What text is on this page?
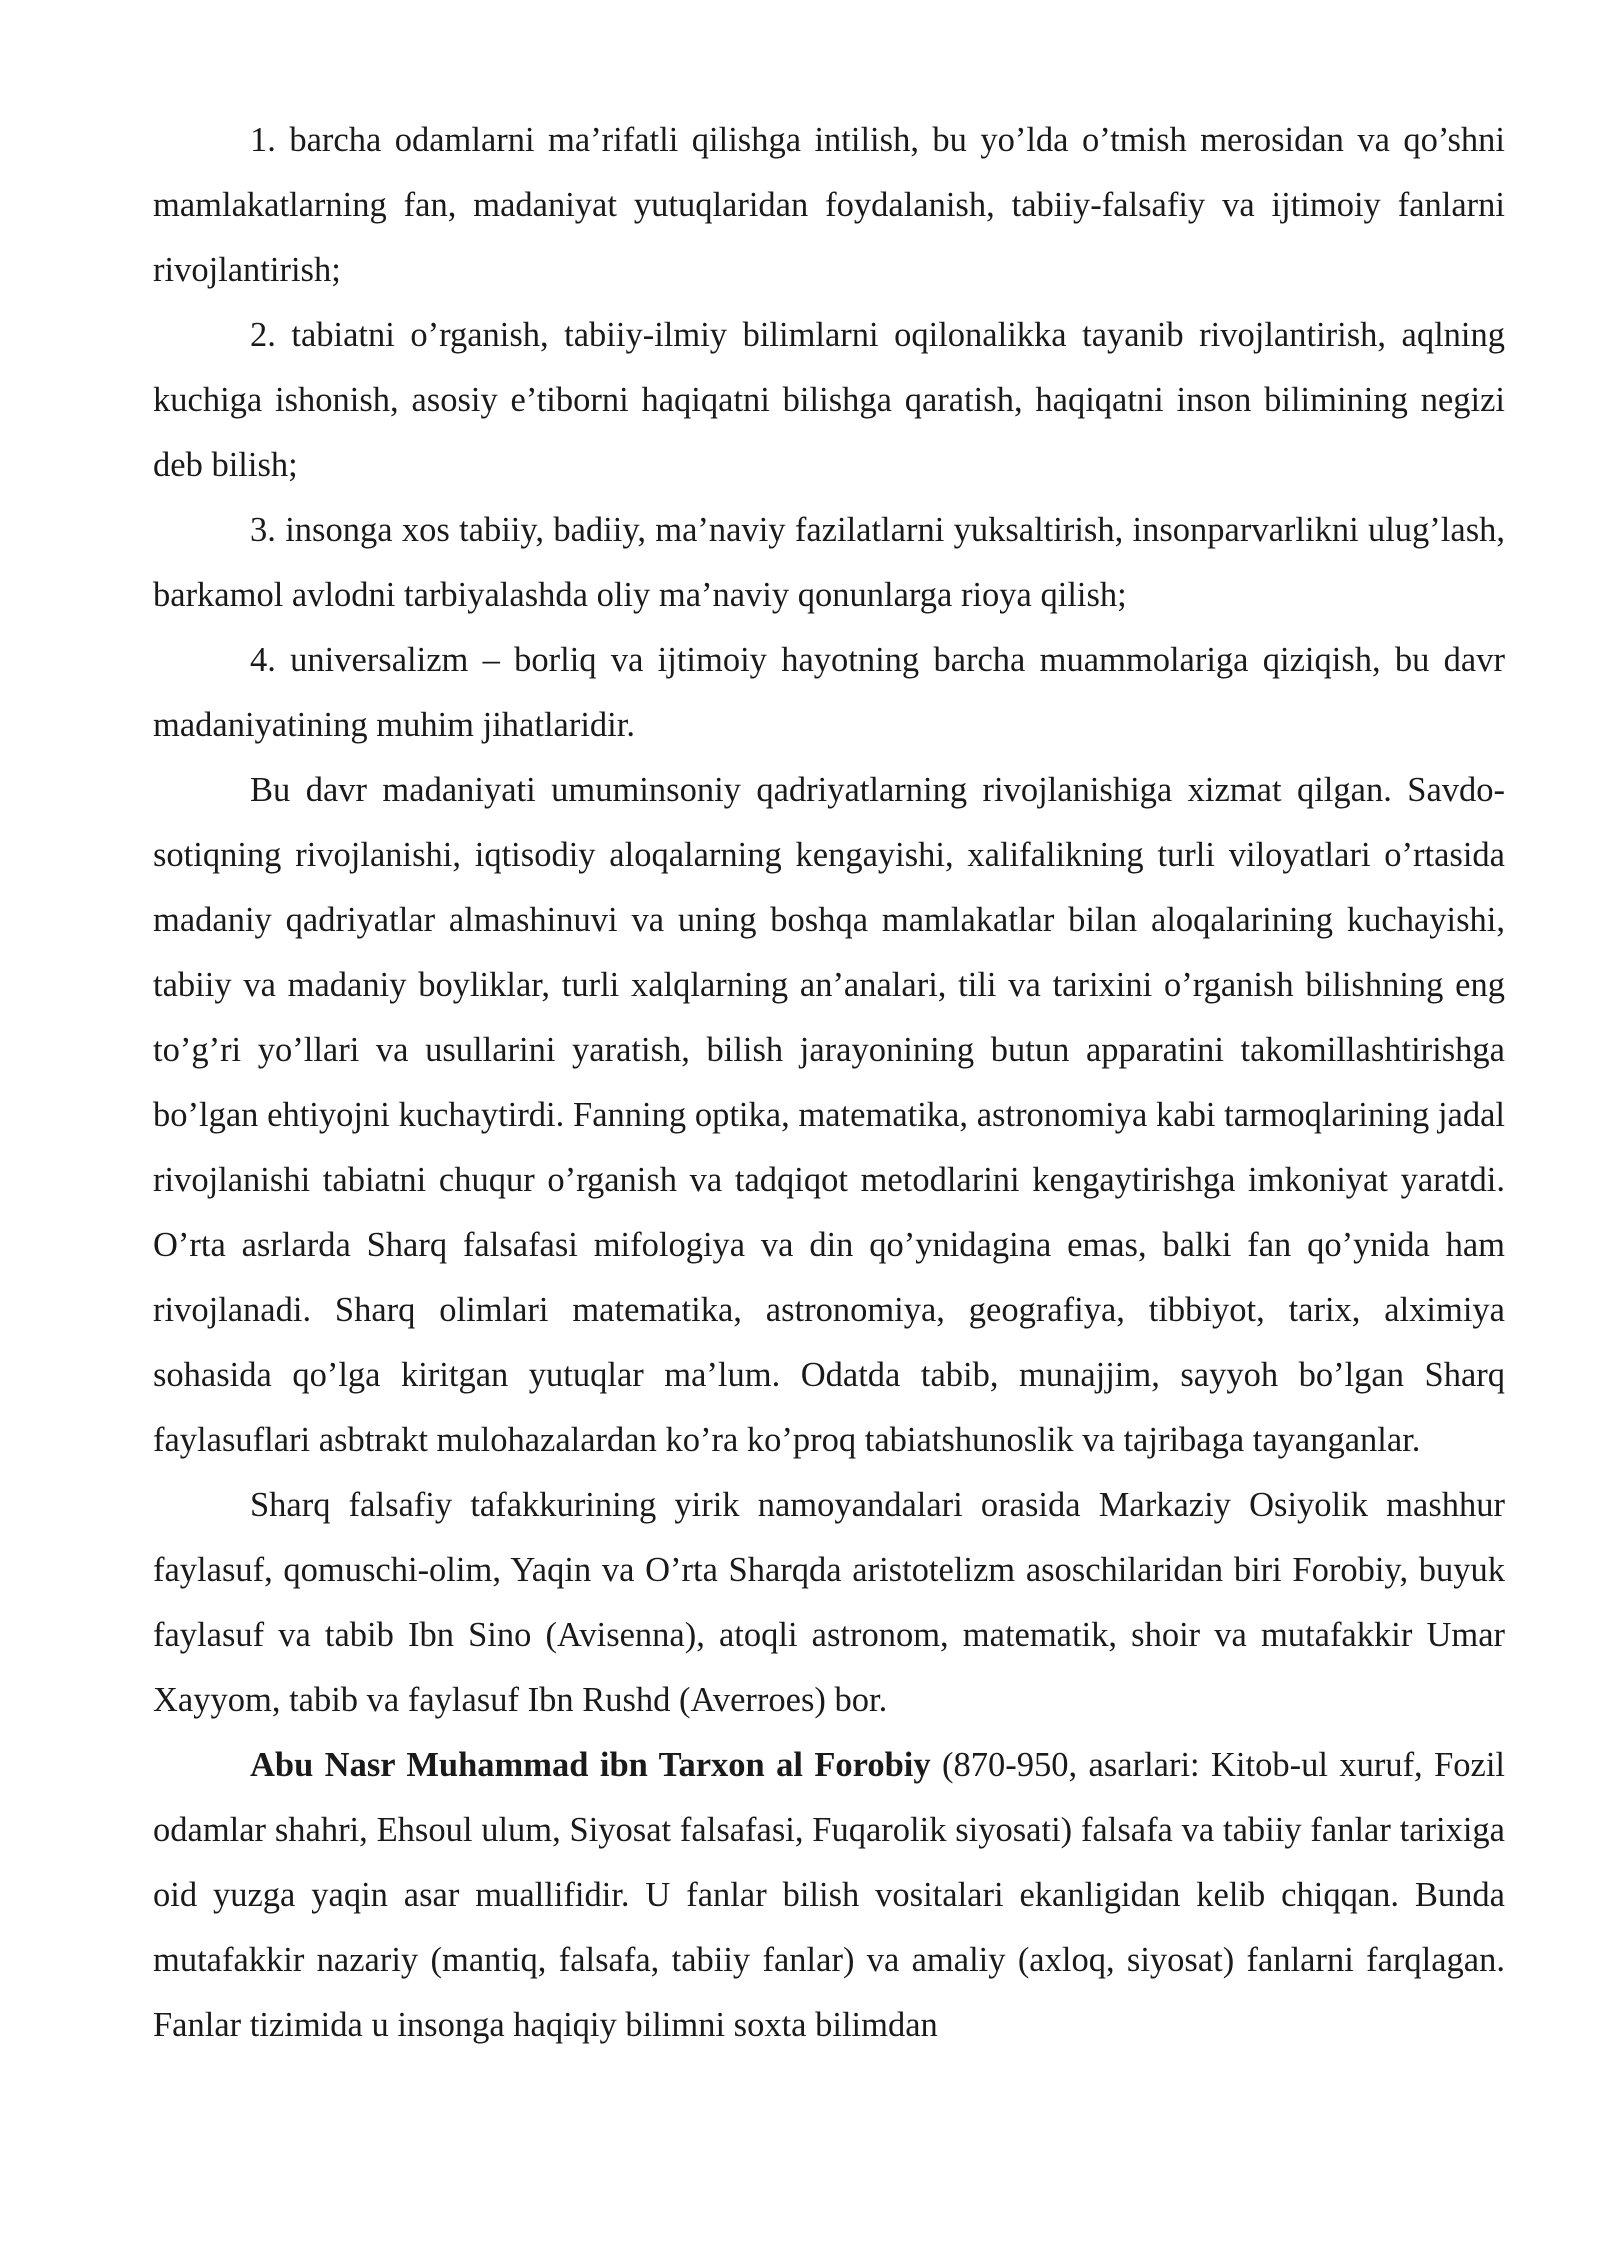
1. barcha odamlarni ma’rifatli qilishga intilish, bu yo’lda o’tmish merosidan va qo’shni mamlakatlarning fan, madaniyat yutuqlaridan foydalanish, tabiiy-falsafiy va ijtimoiy fanlarni rivojlantirish;

2. tabiatni o’rganish, tabiiy-ilmiy bilimlarni oqilonalikka tayanib rivojlantirish, aqlning kuchiga ishonish, asosiy e’tiborni haqiqatni bilishga qaratish, haqiqatni inson bilimining negizi deb bilish;

3. insonga xos tabiiy, badiiy, ma’naviy fazilatlarni yuksaltirish, insonparvarlikni ulug’lash, barkamol avlodni tarbiyalashda oliy ma’naviy qonunlarga rioya qilish;

4. universalizm – borliq va ijtimoiy hayotning barcha muammolariga qiziqish, bu davr madaniyatining muhim jihatlaridir.

Bu davr madaniyati umuminsoniy qadriyatlarning rivojlanishiga xizmat qilgan. Savdo-sotiqning rivojlanishi, iqtisodiy aloqalarning kengayishi, xalifalikning turli viloyatlari o’rtasida madaniy qadriyatlar almashinuvi va uning boshqa mamlakatlar bilan aloqalarining kuchayishi, tabiiy va madaniy boyliklar, turli xalqlarning an’analari, tili va tarixini o’rganish bilishning eng to’g’ri yo’llari va usullarini yaratish, bilish jarayonining butun apparatini takomillashtirishga bo’lgan ehtiyojni kuchaytirdi. Fanning optika, matematika, astronomiya kabi tarmoqlarining jadal rivojlanishi tabiatni chuqur o’rganish va tadqiqot metodlarini kengaytirishga imkoniyat yaratdi. O’rta asrlarda Sharq falsafasi mifologiya va din qo’ynidagina emas, balki fan qo’ynida ham rivojlanadi. Sharq olimlari matematika, astronomiya, geografiya, tibbiyot, tarix, alximiya sohasida qo’lga kiritgan yutuqlar ma’lum. Odatda tabib, munajjim, sayyoh bo’lgan Sharq faylasuflari asbtrakt mulohazalardan ko’ra ko’proq tabiatshunoslik va tajribaga tayanganlar.

Sharq falsafiy tafakkurining yirik namoyandalari orasida Markaziy Osiyolik mashhur faylasuf, qomuschi-olim, Yaqin va O’rta Sharqda aristotelizm asoschilaridan biri Forobiy, buyuk faylasuf va tabib Ibn Sino (Avisenna), atoqli astronom, matematik, shoir va mutafakkir Umar Xayyom, tabib va faylasuf Ibn Rushd (Averroes) bor.

Abu Nasr Muhammad ibn Tarxon al Forobiy (870-950, asarlari: Kitob-ul xuruf, Fozil odamlar shahri, Ehsoul ulum, Siyosat falsafasi, Fuqarolik siyosati) falsafa va tabiiy fanlar tarixiga oid yuzga yaqin asar muallifidir. U fanlar bilish vositalari ekanligidan kelib chiqqan. Bunda mutafakkir nazariy (mantiq, falsafa, tabiiy fanlar) va amaliy (axloq, siyosat) fanlarni farqlagan. Fanlar tizimida u insonga haqiqiy bilimni soxta bilimdan
